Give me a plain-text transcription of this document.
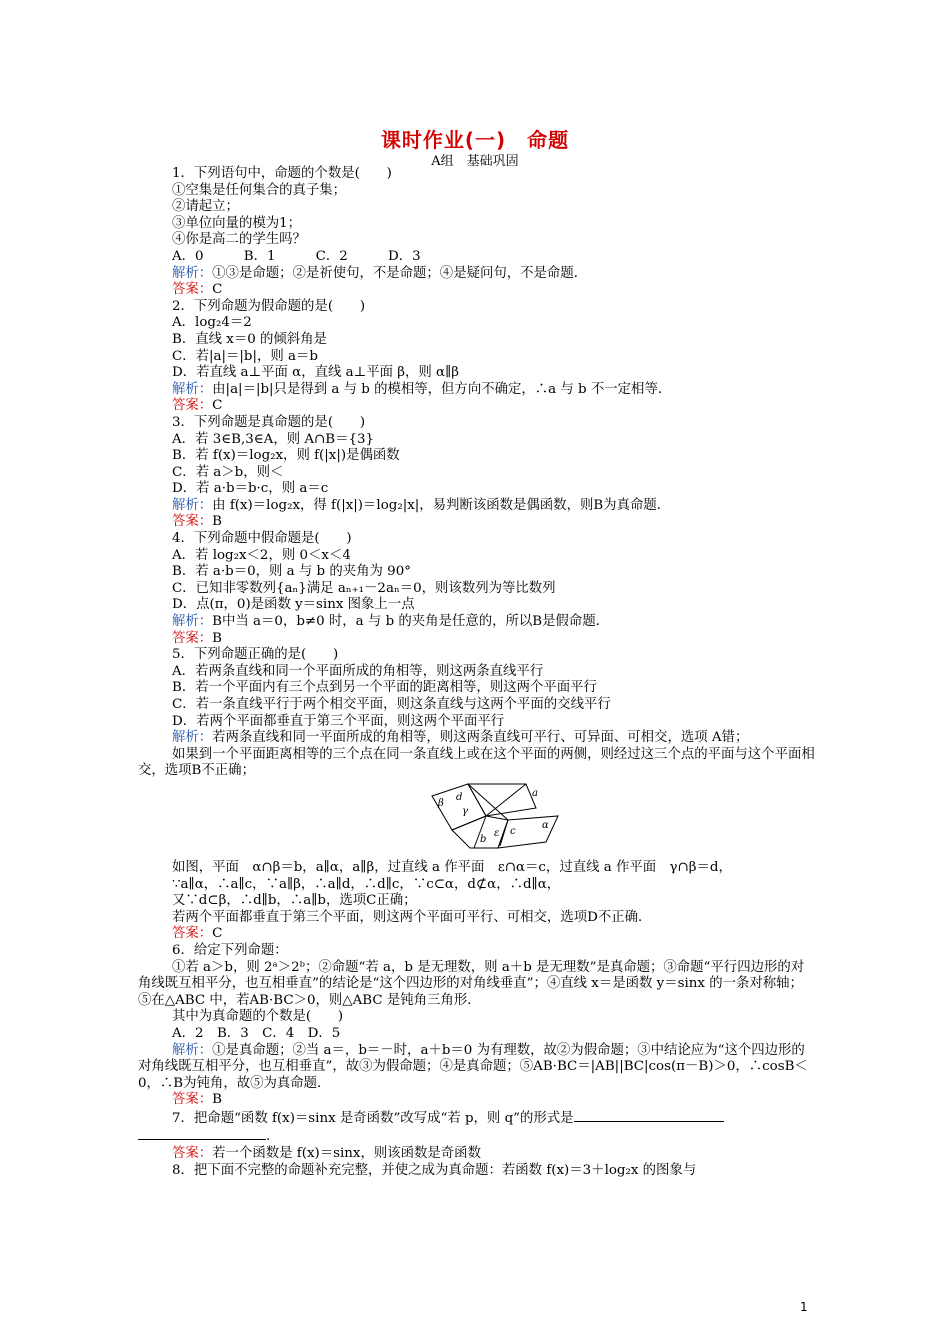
课时作业(一)　命题
A组　基础巩固
1．下列语句中，命题的个数是(　　)
①空集是任何集合的真子集；
②请起立；
③单位向量的模为1；
④你是高二的学生吗？
A．0　　　B．1　　　C．2　　　D．3
解析：①③是命题；②是祈使句，不是命题；④是疑问句，不是命题．
答案：C
2．下列命题为假命题的是(　　)
A．log₂4＝2
B．直线 x＝0 的倾斜角是
C．若|a|＝|b|，则 a＝b
D．若直线 a⊥平面 α，直线 a⊥平面 β，则 α∥β
解析：由|a|＝|b|只是得到 a 与 b 的模相等，但方向不确定，∴a 与 b 不一定相等．
答案：C
3．下列命题是真命题的是(　　)
A．若 3∈B,3∈A，则 A∩B＝{3}
B．若 f(x)＝log₂x，则 f(|x|)是偶函数
C．若 a＞b，则＜
D．若 a·b＝b·c，则 a＝c
解析：由 f(x)＝log₂x，得 f(|x|)＝log₂|x|，易判断该函数是偶函数，则B为真命题．
答案：B
4．下列命题中假命题是(　　)
A．若 log₂x＜2，则 0＜x＜4
B．若 a·b＝0，则 a 与 b 的夹角为 90°
C．已知非零数列{aₙ}满足 aₙ₊₁－2aₙ＝0，则该数列为等比数列
D．点(π，0)是函数 y＝sinx 图象上一点
解析：B中当 a＝0，b≠0 时，a 与 b 的夹角是任意的，所以B是假命题．
答案：B
5．下列命题正确的是(　　)
A．若两条直线和同一个平面所成的角相等，则这两条直线平行
B．若一个平面内有三个点到另一个平面的距离相等，则这两个平面平行
C．若一条直线平行于两个相交平面，则这条直线与这两个平面的交线平行
D．若两个平面都垂直于第三个平面，则这两个平面平行
解析：若两条直线和同一平面所成的角相等，则这两条直线可平行、可异面、可相交，选项 A错；
如果到一个平面距离相等的三个点在同一条直线上或在这个平面的两侧，则经过这三个点的平面与这个平面相交，选项B不正确；
β
d
γ
a
ε c
b
α
如图，平面　α∩β＝b，a∥α，a∥β，过直线 a 作平面　ε∩α＝c，过直线 a 作平面　γ∩β＝d，
∵a∥α，∴a∥c，∵a∥β，∴a∥d，∴d∥c，∵c⊂α，d⊄α，∴d∥α，
又∵d⊂β，∴d∥b，∴a∥b，选项C正确；
若两个平面都垂直于第三个平面，则这两个平面可平行、可相交，选项D不正确．
答案：C
6．给定下列命题：
①若 a＞b，则 2ᵃ＞2ᵇ；②命题“若 a，b 是无理数，则 a＋b 是无理数”是真命题；③命题“平行四边形的对角线既互相平分，也互相垂直”的结论是“这个四边形的对角线垂直”；④直线 x＝是函数 y＝sinx 的一条对称轴；⑤在△ABC 中，若AB·BC＞0，则△ABC 是钝角三角形．
其中为真命题的个数是(　　)
A．2　B．3　C．4　D．5
解析：①是真命题；②当 a＝，b＝－时，a＋b＝0 为有理数，故②为假命题；③中结论应为“这个四边形的对角线既互相平分，也互相垂直”，故③为假命题；④是真命题；⑤AB·BC＝|AB||BC|cos(π－B)＞0，∴cosB＜0，∴B为钝角，故⑤为真命题．
答案：B
7．把命题“函数 f(x)＝sinx 是奇函数”改写成“若 p，则 q”的形式是
.
答案：若一个函数是 f(x)＝sinx，则该函数是奇函数
8．把下面不完整的命题补充完整，并使之成为真命题：若函数 f(x)＝3＋log₂x 的图象与
1
